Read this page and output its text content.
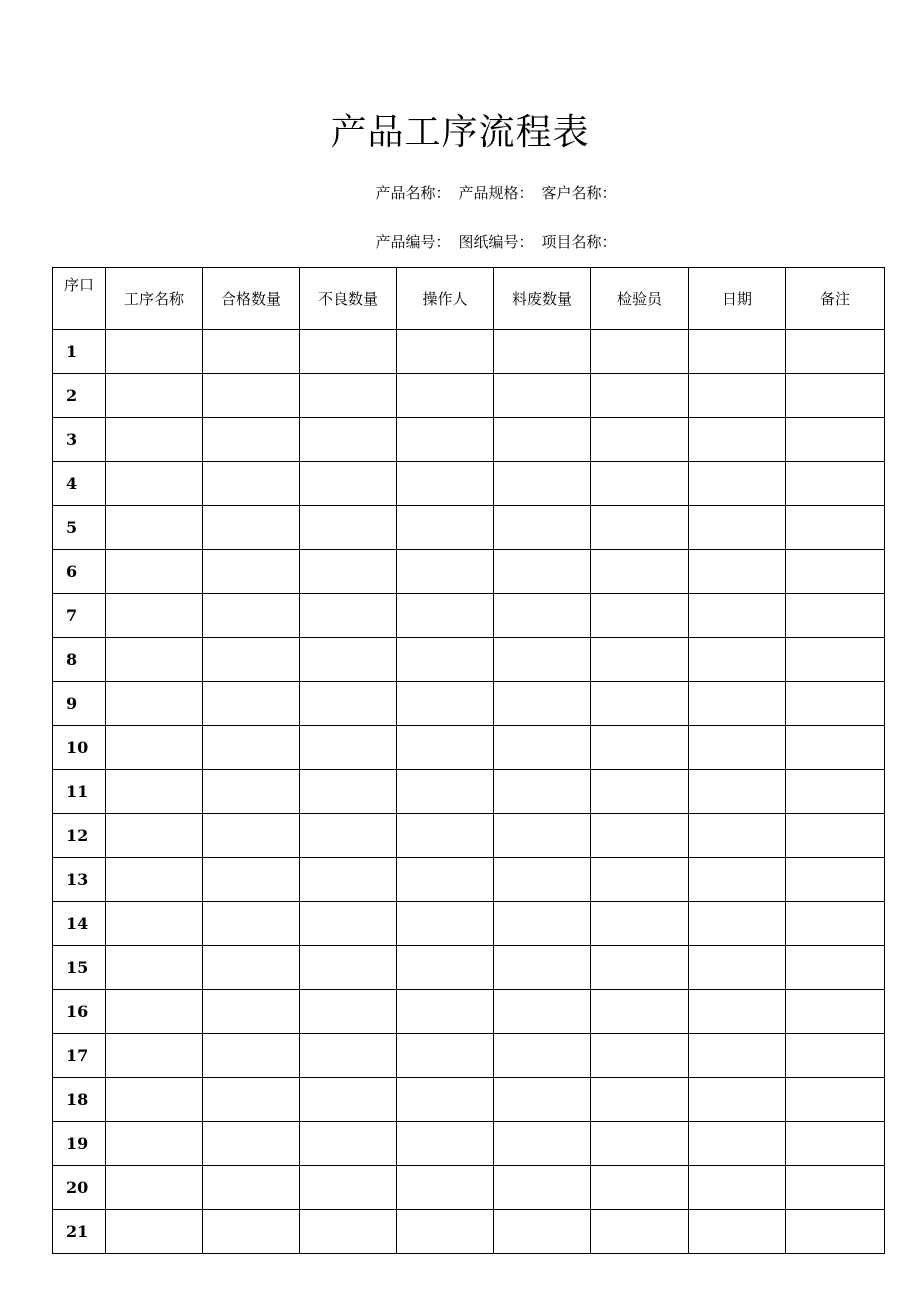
产品工序流程表
产品名称： 产品规格： 客户名称：
产品编号： 图纸编号： 项目名称：
序口	工序名称	合格数量	不良数量	操作人	料废数量	检验员	日期	备注
1								
2								
3								
4								
5								
6								
7								
8								
9								
10								
11								
12								
13								
14								
15								
16								
17								
18								
19								
20								
21								
